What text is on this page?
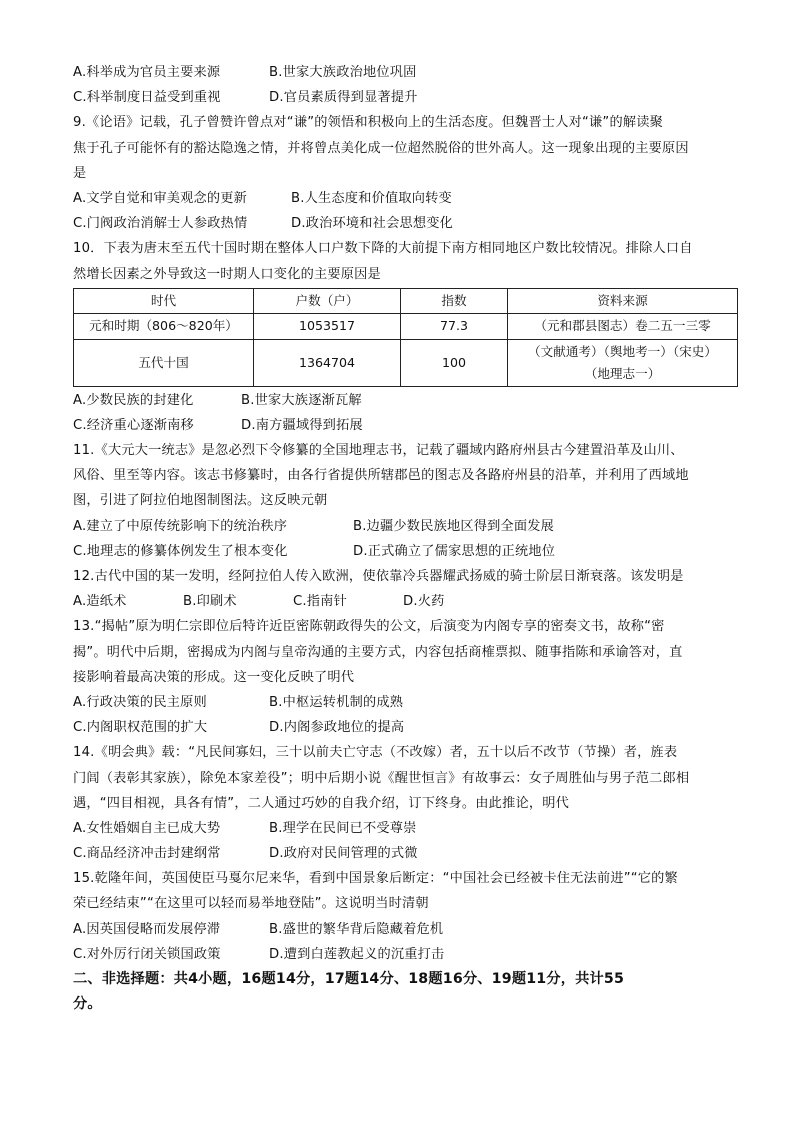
A.科举成为官员主要来源	B.世家大族政治地位巩固
C.科举制度日益受到重视	D.官员素质得到显著提升
9.《论语》记载，孔子曾赞许曾点对“谦”的领悟和积极向上的生活态度。但魏晋士人对“谦”的解读聚
焦于孔子可能怀有的豁达隐逸之情，并将曾点美化成一位超然脱俗的世外高人。这一现象出现的主要原因
是
A.文学自觉和审美观念的更新	B.人生态度和价值取向转变
C.门阀政治消解士人参政热情	D.政治环境和社会思想变化
10．下表为唐末至五代十国时期在整体人口户数下降的大前提下南方相同地区户数比较情况。排除人口自
然增长因素之外导致这一时期人口变化的主要原因是
时代	户数（户）	指数	资料来源
元和时期（806～820年）	1053517	77.3	（元和郡县图志）卷二五一三零
五代十国	1364704	100	（文献通考）（舆地考一）（宋史）
（地理志一）
A.少数民族的封建化	B.世家大族逐渐瓦解
C.经济重心逐渐南移	D.南方疆域得到拓展
11.《大元大一统志》是忽必烈下令修纂的全国地理志书，记载了疆域内路府州县古今建置沿革及山川、
风俗、里至等内容。该志书修纂时，由各行省提供所辖郡邑的图志及各路府州县的沿革，并利用了西域地
图，引进了阿拉伯地图制图法。这反映元朝
A.建立了中原传统影响下的统治秩序	B.边疆少数民族地区得到全面发展
C.地理志的修纂体例发生了根本变化	D.正式确立了儒家思想的正统地位
12.古代中国的某一发明，经阿拉伯人传入欧洲，使依靠冷兵器耀武扬威的骑士阶层日渐衰落。该发明是
A.造纸术	B.印刷术	C.指南针	D.火药
13.“揭帖”原为明仁宗即位后特许近臣密陈朝政得失的公文，后演变为内阁专享的密奏文书，故称“密
揭”。明代中后期，密揭成为内阁与皇帝沟通的主要方式，内容包括商榷票拟、随事指陈和承谕答对，直
接影响着最高决策的形成。这一变化反映了明代
A.行政决策的民主原则	B.中枢运转机制的成熟
C.内阁职权范围的扩大	D.内阁参政地位的提高
14.《明会典》载：“凡民间寡妇，三十以前夫亡守志（不改嫁）者，五十以后不改节（节操）者，旌表
门闾（表彰其家族），除免本家差役”；明中后期小说《醒世恒言》有故事云：女子周胜仙与男子范二郎相
遇，“四目相视，具各有情”，二人通过巧妙的自我介绍，订下终身。由此推论，明代
A.女性婚姻自主已成大势	B.理学在民间已不受尊崇
C.商品经济冲击封建纲常	D.政府对民间管理的式微
15.乾隆年间，英国使臣马戛尔尼来华，看到中国景象后断定：“中国社会已经被卡住无法前进”“它的繁
荣已经结束”“在这里可以轻而易举地登陆”。这说明当时清朝
A.因英国侵略而发展停滞	B.盛世的繁华背后隐藏着危机
C.对外厉行闭关锁国政策	D.遭到白莲教起义的沉重打击
二、非选择题：共4小题，16题14分，17题14分、18题16分、19题11分，共计55
分。
